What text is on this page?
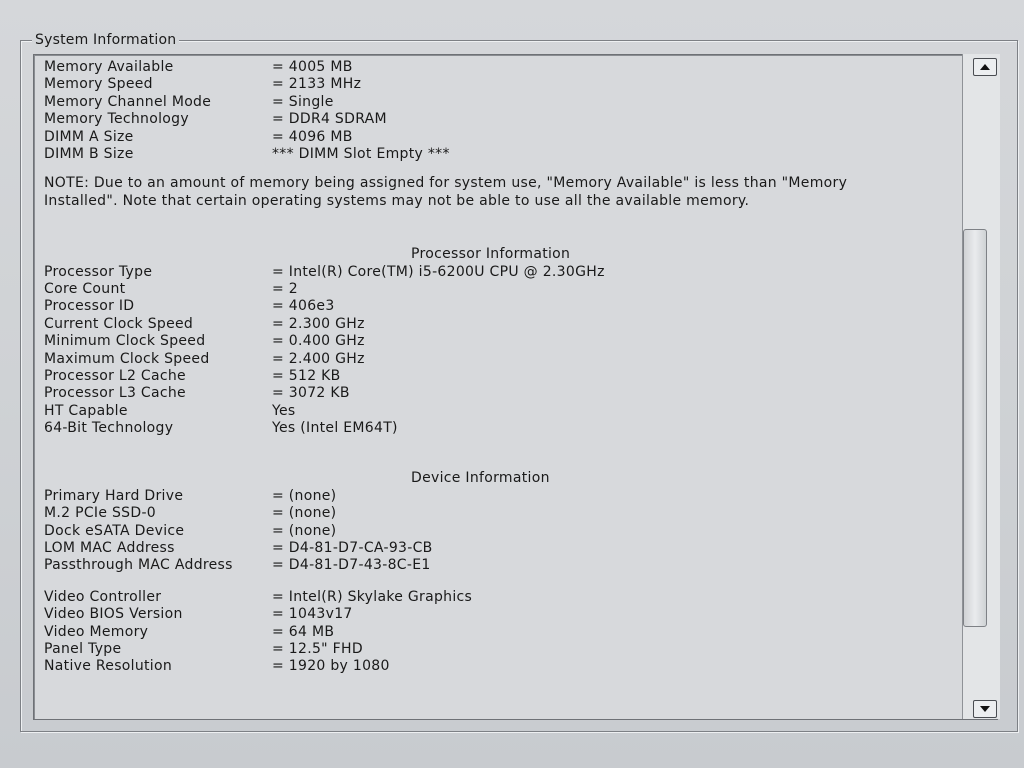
System Information
Memory Available	= 4005 MB
Memory Speed	= 2133 MHz
Memory Channel Mode	= Single
Memory Technology	= DDR4 SDRAM
DIMM A Size	= 4096 MB
DIMM B Size	*** DIMM Slot Empty ***
NOTE: Due to an amount of memory being assigned for system use, "Memory Available" is less than "Memory Installed". Note that certain operating systems may not be able to use all the available memory.
Processor Information
Processor Type	= Intel(R) Core(TM) i5-6200U CPU @ 2.30GHz
Core Count	= 2
Processor ID	= 406e3
Current Clock Speed	= 2.300 GHz
Minimum Clock Speed	= 0.400 GHz
Maximum Clock Speed	= 2.400 GHz
Processor L2 Cache	= 512 KB
Processor L3 Cache	= 3072 KB
HT Capable	Yes
64-Bit Technology	Yes (Intel EM64T)
Device Information
Primary Hard Drive	= (none)
M.2 PCIe SSD-0	= (none)
Dock eSATA Device	= (none)
LOM MAC Address	= D4-81-D7-CA-93-CB
Passthrough MAC Address	= D4-81-D7-43-8C-E1
Video Controller	= Intel(R) Skylake Graphics
Video BIOS Version	= 1043v17
Video Memory	= 64 MB
Panel Type	= 12.5" FHD
Native Resolution	= 1920 by 1080
